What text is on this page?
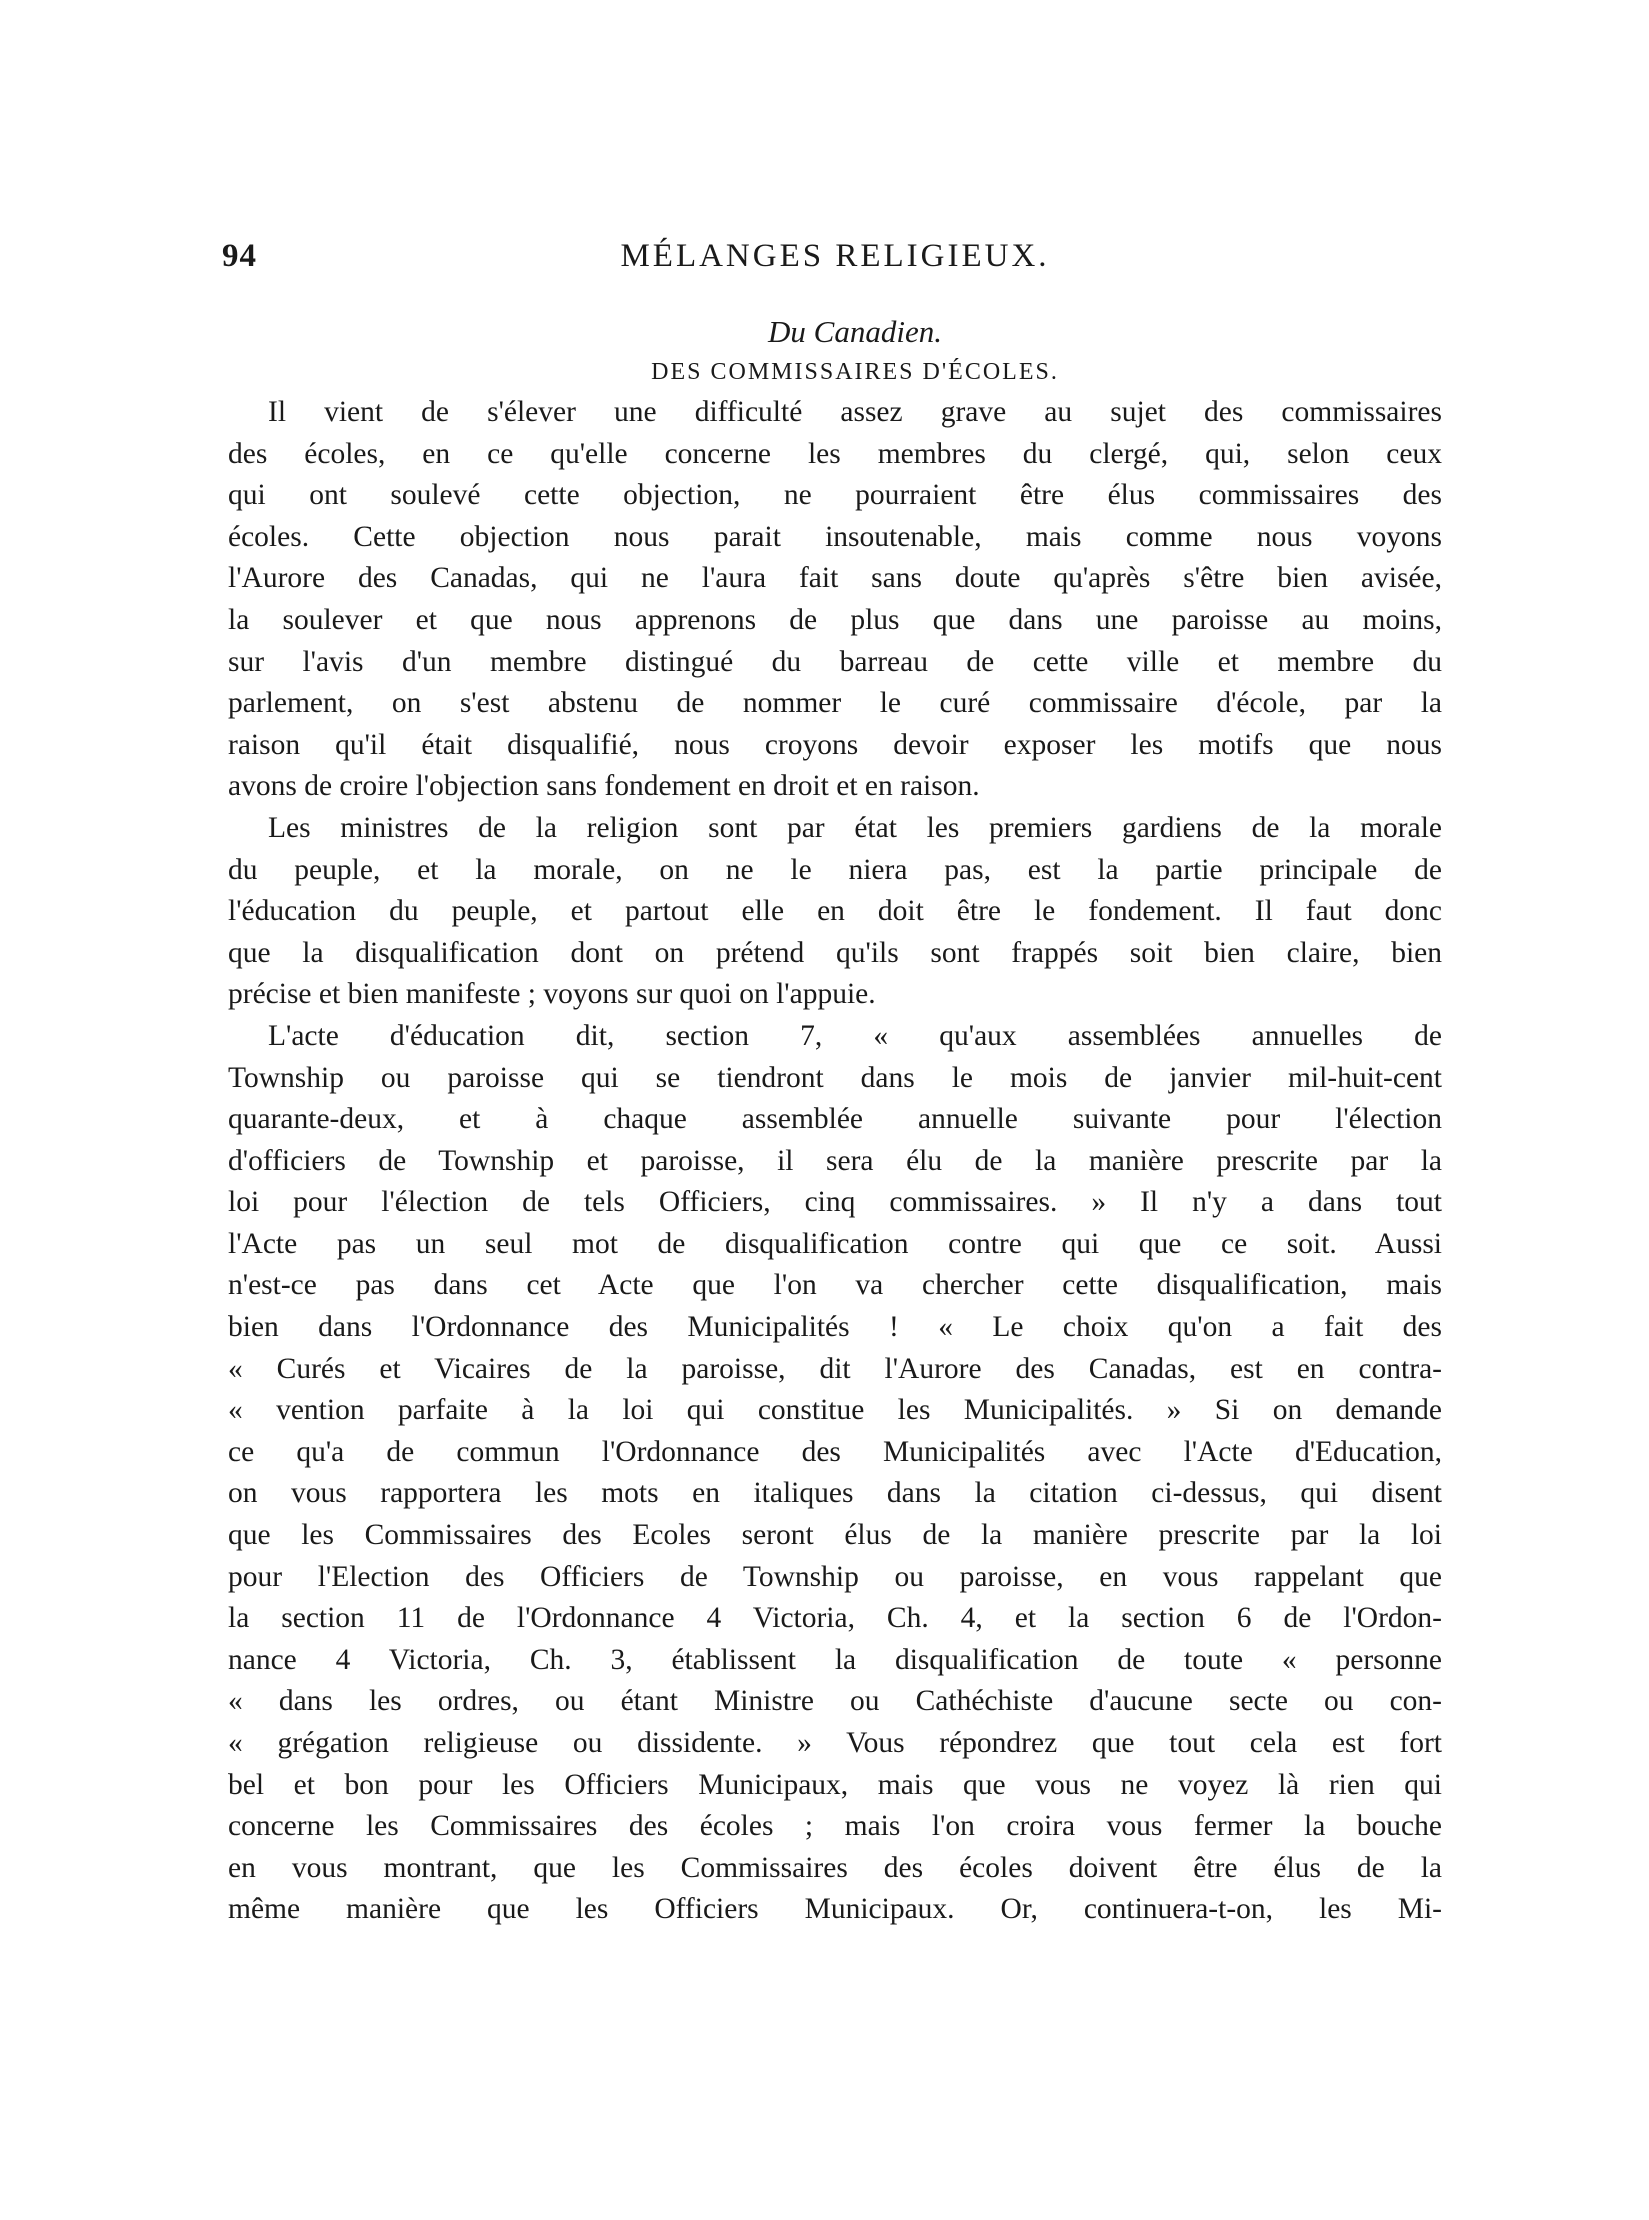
94	MÉLANGES RELIGIEUX.
Du Canadien.
DES COMMISSAIRES D'ÉCOLES.
Il vient de s'élever une difficulté assez grave au sujet des commissaires
des écoles, en ce qu'elle concerne les membres du clergé, qui, selon ceux
qui ont soulevé cette objection, ne pourraient être élus commissaires des
écoles. Cette objection nous parait insoutenable, mais comme nous voyons
l'Aurore des Canadas, qui ne l'aura fait sans doute qu'après s'être bien avisée,
la soulever et que nous apprenons de plus que dans une paroisse au moins,
sur l'avis d'un membre distingué du barreau de cette ville et membre du
parlement, on s'est abstenu de nommer le curé commissaire d'école, par la
raison qu'il était disqualifié, nous croyons devoir exposer les motifs que nous
avons de croire l'objection sans fondement en droit et en raison.
Les ministres de la religion sont par état les premiers gardiens de la morale
du peuple, et la morale, on ne le niera pas, est la partie principale de
l'éducation du peuple, et partout elle en doit être le fondement. Il faut donc
que la disqualification dont on prétend qu'ils sont frappés soit bien claire, bien
précise et bien manifeste ; voyons sur quoi on l'appuie.
L'acte d'éducation dit, section 7, « qu'aux assemblées annuelles de
Township ou paroisse qui se tiendront dans le mois de janvier mil-huit-cent
quarante-deux, et à chaque assemblée annuelle suivante pour l'élection
d'officiers de Township et paroisse, il sera élu de la manière prescrite par la
loi pour l'élection de tels Officiers, cinq commissaires. » Il n'y a dans tout
l'Acte pas un seul mot de disqualification contre qui que ce soit. Aussi
n'est-ce pas dans cet Acte que l'on va chercher cette disqualification, mais
bien dans l'Ordonnance des Municipalités ! « Le choix qu'on a fait des
« Curés et Vicaires de la paroisse, dit l'Aurore des Canadas, est en contra-
« vention parfaite à la loi qui constitue les Municipalités. » Si on demande
ce qu'a de commun l'Ordonnance des Municipalités avec l'Acte d'Education,
on vous rapportera les mots en italiques dans la citation ci-dessus, qui disent
que les Commissaires des Ecoles seront élus de la manière prescrite par la loi
pour l'Election des Officiers de Township ou paroisse, en vous rappelant que
la section 11 de l'Ordonnance 4 Victoria, Ch. 4, et la section 6 de l'Ordon-
nance 4 Victoria, Ch. 3, établissent la disqualification de toute « personne
« dans les ordres, ou étant Ministre ou Cathéchiste d'aucune secte ou con-
« grégation religieuse ou dissidente. » Vous répondrez que tout cela est fort
bel et bon pour les Officiers Municipaux, mais que vous ne voyez là rien qui
concerne les Commissaires des écoles ; mais l'on croira vous fermer la bouche
en vous montrant, que les Commissaires des écoles doivent être élus de la
même manière que les Officiers Municipaux. Or, continuera-t-on, les Mi-
